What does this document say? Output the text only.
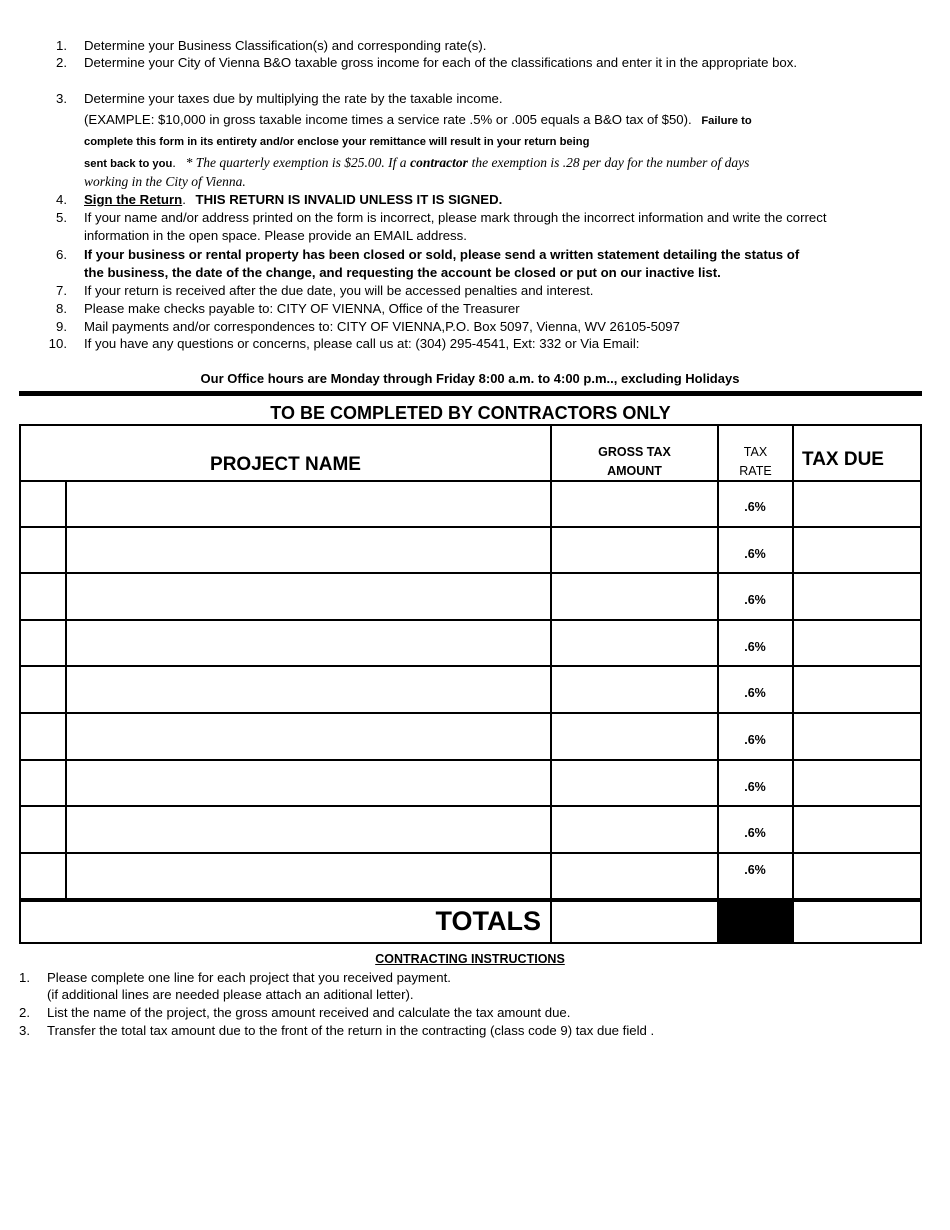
1. Determine your Business Classification(s) and corresponding rate(s).
2. Determine your City of Vienna B&O taxable gross income for each of the classifications and enter it in the appropriate box.
3. Determine your taxes due by multiplying the rate by the taxable income.
(EXAMPLE: $10,000 in gross taxable income times a service rate .5% or .005 equals a B&O tax of $50). Failure to
complete this form in its entirety and/or enclose your remittance will result in your return being
sent back to you. * The quarterly exemption is $25.00. If a contractor the exemption is .28 per day for the number of days
working in the City of Vienna.
4. Sign the Return. THIS RETURN IS INVALID UNLESS IT IS SIGNED.
5. If your name and/or address printed on the form is incorrect, please mark through the incorrect information and write the correct information in the open space. Please provide an EMAIL address.
6. If your business or rental property has been closed or sold, please send a written statement detailing the status of the business, the date of the change, and requesting the account be closed or put on our inactive list.
7. If your return is received after the due date, you will be accessed penalties and interest.
8. Please make checks payable to: CITY OF VIENNA, Office of the Treasurer
9. Mail payments and/or correspondences to: CITY OF VIENNA,P.O. Box 5097, Vienna, WV 26105-5097
10. If you have any questions or concerns, please call us at: (304) 295-4541, Ext: 332 or Via Email:
Our Office hours are Monday through Friday 8:00 a.m. to 4:00 p.m.., excluding Holidays
TO BE COMPLETED BY CONTRACTORS ONLY
PROJECT NAME
GROSS TAX
AMOUNT
TAX
RATE
TAX DUE
.6%
.6%
.6%
.6%
.6%
.6%
.6%
.6%
.6%
TOTALS
CONTRACTING INSTRUCTIONS
1. Please complete one line for each project that you received payment.
(if additional lines are needed please attach an aditional letter).
2. List the name of the project, the gross amount received and calculate the tax amount due.
3. Transfer the total tax amount due to the front of the return in the contracting (class code 9) tax due field .
